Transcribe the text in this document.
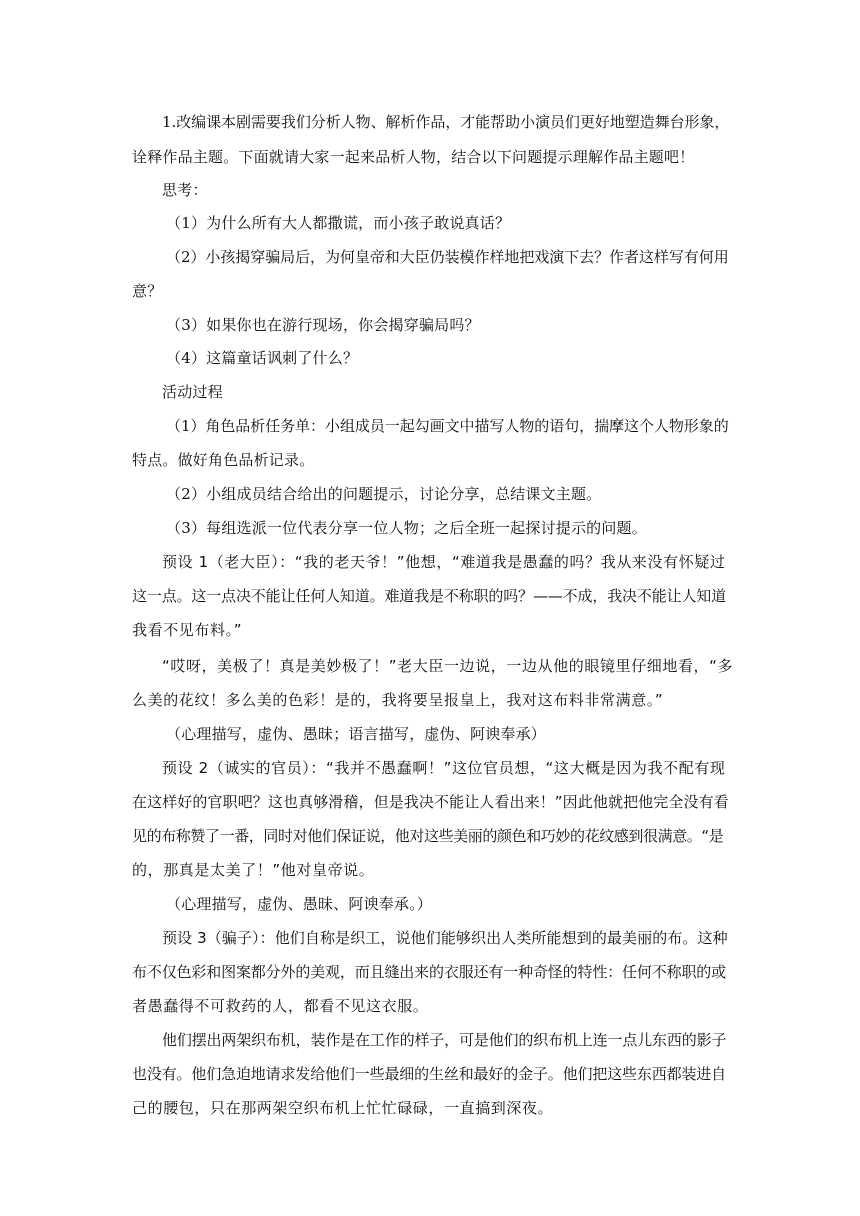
1.改编课本剧需要我们分析人物、解析作品，才能帮助小演员们更好地塑造舞台形象，
诠释作品主题。下面就请大家一起来品析人物，结合以下问题提示理解作品主题吧！
思考：
（1）为什么所有大人都撒谎，而小孩子敢说真话？
（2）小孩揭穿骗局后，为何皇帝和大臣仍装模作样地把戏演下去？作者这样写有何用
意？
（3）如果你也在游行现场，你会揭穿骗局吗？
（4）这篇童话讽刺了什么？
活动过程
（1）角色品析任务单：小组成员一起勾画文中描写人物的语句，揣摩这个人物形象的
特点。做好角色品析记录。
（2）小组成员结合给出的问题提示，讨论分享，总结课文主题。
（3）每组选派一位代表分享一位人物；之后全班一起探讨提示的问题。
预设 1（老大臣）：“我的老天爷！”他想，“难道我是愚蠢的吗？我从来没有怀疑过
这一点。这一点决不能让任何人知道。难道我是不称职的吗？——不成，我决不能让人知道
我看不见布料。”
“哎呀，美极了！真是美妙极了！”老大臣一边说，一边从他的眼镜里仔细地看，“多
么美的花纹！多么美的色彩！是的，我将要呈报皇上，我对这布料非常满意。”
（心理描写，虚伪、愚昧；语言描写，虚伪、阿谀奉承）
预设 2（诚实的官员）：“我并不愚蠢啊！”这位官员想，“这大概是因为我不配有现
在这样好的官职吧？这也真够滑稽，但是我决不能让人看出来！”因此他就把他完全没有看
见的布称赞了一番，同时对他们保证说，他对这些美丽的颜色和巧妙的花纹感到很满意。“是
的，那真是太美了！”他对皇帝说。
（心理描写，虚伪、愚昧、阿谀奉承。）
预设 3（骗子）：他们自称是织工，说他们能够织出人类所能想到的最美丽的布。这种
布不仅色彩和图案都分外的美观，而且缝出来的衣服还有一种奇怪的特性：任何不称职的或
者愚蠢得不可救药的人，都看不见这衣服。
他们摆出两架织布机，装作是在工作的样子，可是他们的织布机上连一点儿东西的影子
也没有。他们急迫地请求发给他们一些最细的生丝和最好的金子。他们把这些东西都装进自
己的腰包，只在那两架空织布机上忙忙碌碌，一直搞到深夜。
